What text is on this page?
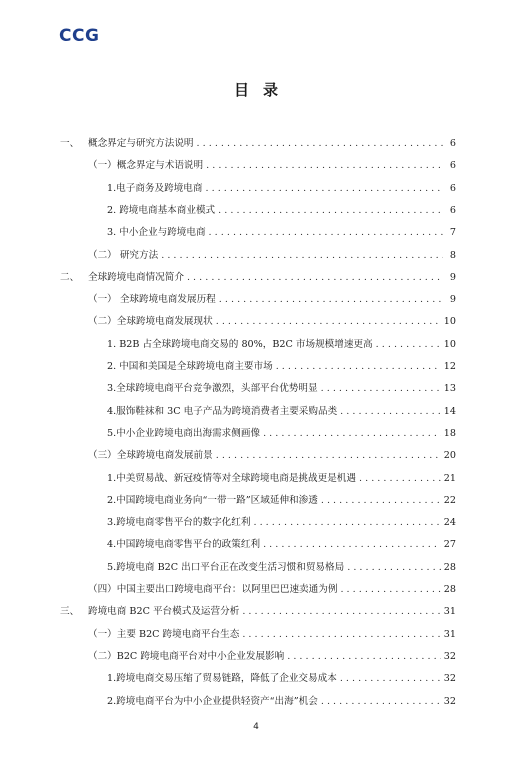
CCG
目录
一、 概念界定与研究方法说明 . . .	6
（一）概念界定与术语说明 . . .	6
1.电子商务及跨境电商 . . .	6
2. 跨境电商基本商业模式 . . .	6
3. 中小企业与跨境电商 . . .	7
（二） 研究方法 . . .	8
二、 全球跨境电商情况简介 . . .	9
（一） 全球跨境电商发展历程 . . .	9
（二）全球跨境电商发展现状 . . .	10
1. B2B 占全球跨境电商交易的 80%，B2C 市场规模增速更高 . . .	10
2. 中国和美国是全球跨境电商主要市场 . . .	12
3.全球跨境电商平台竞争激烈，头部平台优势明显 . . .	13
4.服饰鞋袜和 3C 电子产品为跨境消费者主要采购品类 . . .	14
5.中小企业跨境电商出海需求侧画像 . . .	18
（三）全球跨境电商发展前景 . . .	20
1.中美贸易战、新冠疫情等对全球跨境电商是挑战更是机遇 . . .	21
2.中国跨境电商业务向“一带一路”区域延伸和渗透 . . .	22
3.跨境电商零售平台的数字化红利 . . .	24
4.中国跨境电商零售平台的政策红利 . . .	27
5.跨境电商 B2C 出口平台正在改变生活习惯和贸易格局 . . .	28
（四）中国主要出口跨境电商平台：以阿里巴巴速卖通为例 . . .	28
三、 跨境电商 B2C 平台模式及运营分析 . . .	31
（一）主要 B2C 跨境电商平台生态 . . .	31
（二）B2C 跨境电商平台对中小企业发展影响 . . .	32
1.跨境电商交易压缩了贸易链路，降低了企业交易成本 . . .	32
2.跨境电商平台为中小企业提供轻资产“出海”机会 . . .	32
4
